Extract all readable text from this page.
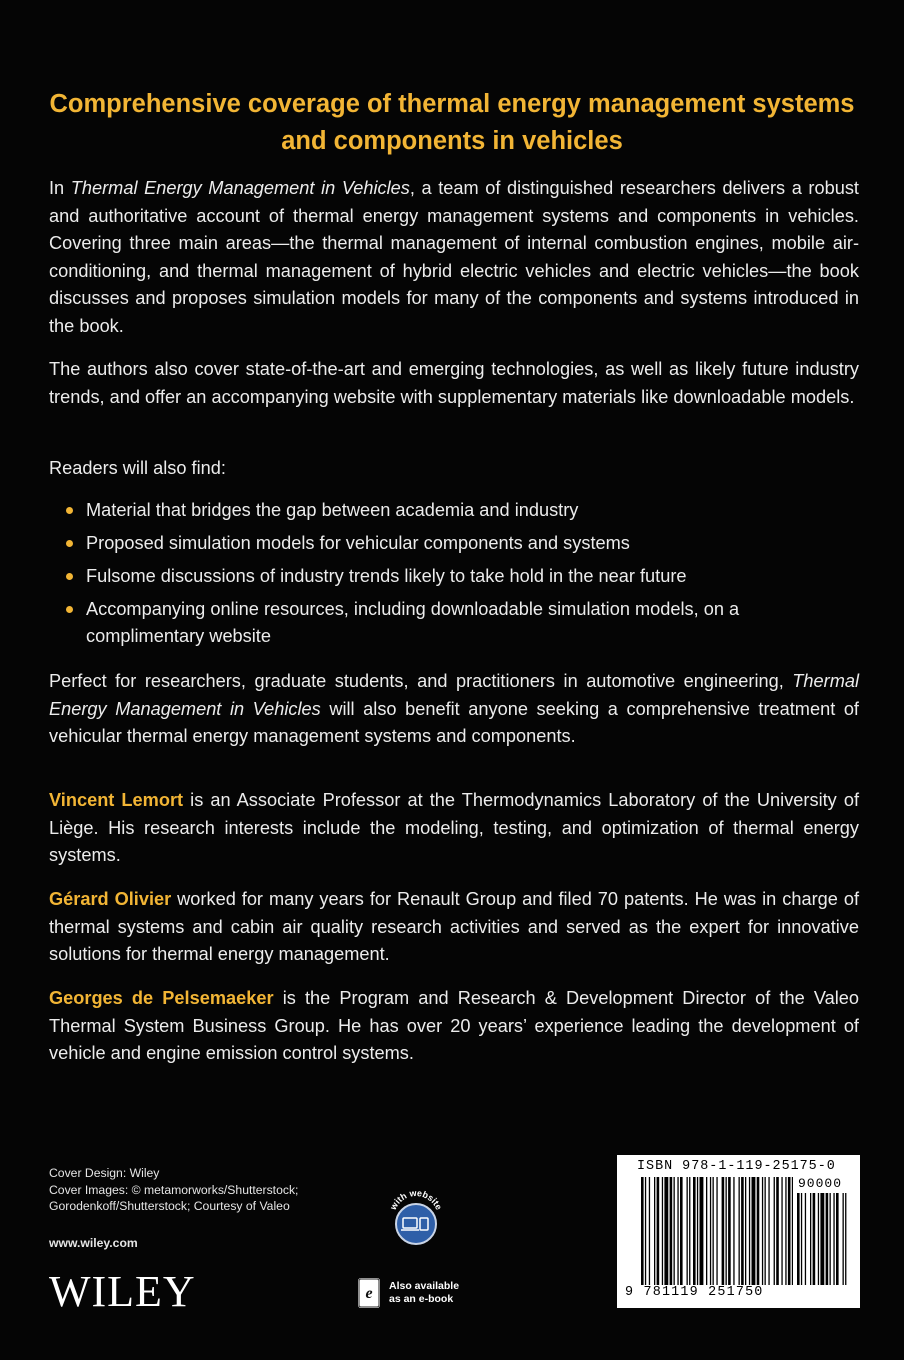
Comprehensive coverage of thermal energy management systems and components in vehicles

In Thermal Energy Management in Vehicles, a team of distinguished researchers delivers a robust and authoritative account of thermal energy management systems and components in vehicles. Covering three main areas—the thermal management of internal combustion engines, mobile air-conditioning, and thermal management of hybrid electric vehicles and electric vehicles—the book discusses and proposes simulation models for many of the components and systems introduced in the book.

The authors also cover state-of-the-art and emerging technologies, as well as likely future industry trends, and offer an accompanying website with supplementary materials like downloadable models.

Readers will also find:

Material that bridges the gap between academia and industry
Proposed simulation models for vehicular components and systems
Fulsome discussions of industry trends likely to take hold in the near future
Accompanying online resources, including downloadable simulation models, on a complimentary website

Perfect for researchers, graduate students, and practitioners in automotive engineering, Thermal Energy Management in Vehicles will also benefit anyone seeking a comprehensive treatment of vehicular thermal energy management systems and components.

Vincent Lemort is an Associate Professor at the Thermodynamics Laboratory of the University of Liège. His research interests include the modeling, testing, and optimization of thermal energy systems.

Gérard Olivier worked for many years for Renault Group and filed 70 patents. He was in charge of thermal systems and cabin air quality research activities and served as the expert for innovative solutions for thermal energy management.

Georges de Pelsemaeker is the Program and Research & Development Director of the Valeo Thermal System Business Group. He has over 20 years’ experience leading the development of vehicle and engine emission control systems.

Cover Design: Wiley
Cover Images: © metamorworks/Shutterstock;
Gorodenkoff/Shutterstock; Courtesy of Valeo
www.wiley.com
WILEY
with website
e Also available
as an e-book
ISBN 978-1-119-25175-0
90000
9 781119 251750
